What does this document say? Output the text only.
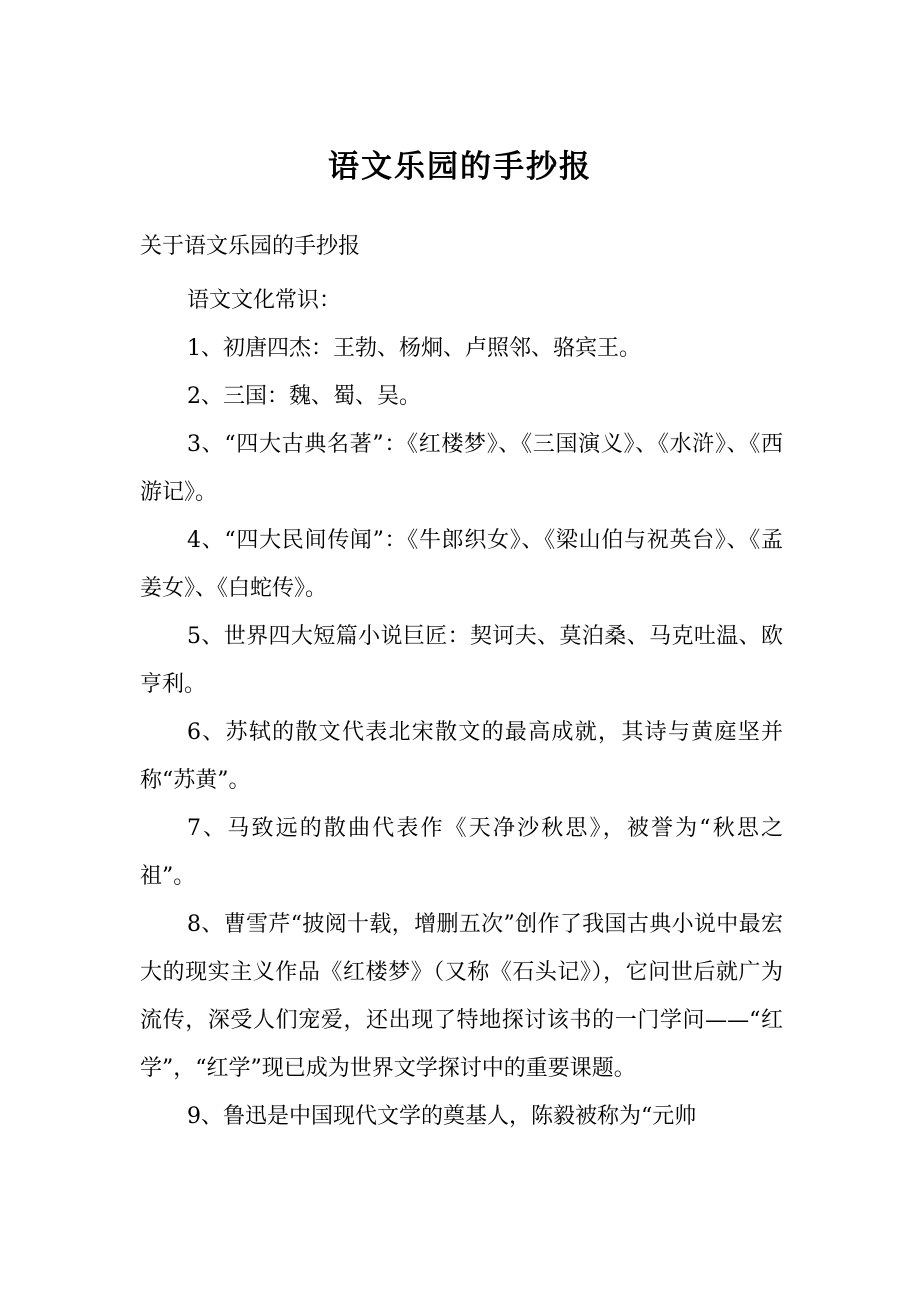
语文乐园的手抄报
关于语文乐园的手抄报

语文文化常识：

1、初唐四杰：王勃、杨炯、卢照邻、骆宾王。

2、三国：魏、蜀、吴。

3、“四大古典名著”：《红楼梦》、《三国演义》、《水浒》、《西游记》。

4、“四大民间传闻”：《牛郎织女》、《梁山伯与祝英台》、《孟姜女》、《白蛇传》。

5、世界四大短篇小说巨匠：契诃夫、莫泊桑、马克吐温、欧亨利。

6、苏轼的散文代表北宋散文的最高成就，其诗与黄庭坚并称“苏黄”。

7、马致远的散曲代表作《天净沙秋思》，被誉为“秋思之祖”。

8、曹雪芹“披阅十载，增删五次”创作了我国古典小说中最宏大的现实主义作品《红楼梦》（又称《石头记》），它问世后就广为流传，深受人们宠爱，还出现了特地探讨该书的一门学问——“红学”，“红学”现已成为世界文学探讨中的重要课题。

9、鲁迅是中国现代文学的奠基人，陈毅被称为“元帅
